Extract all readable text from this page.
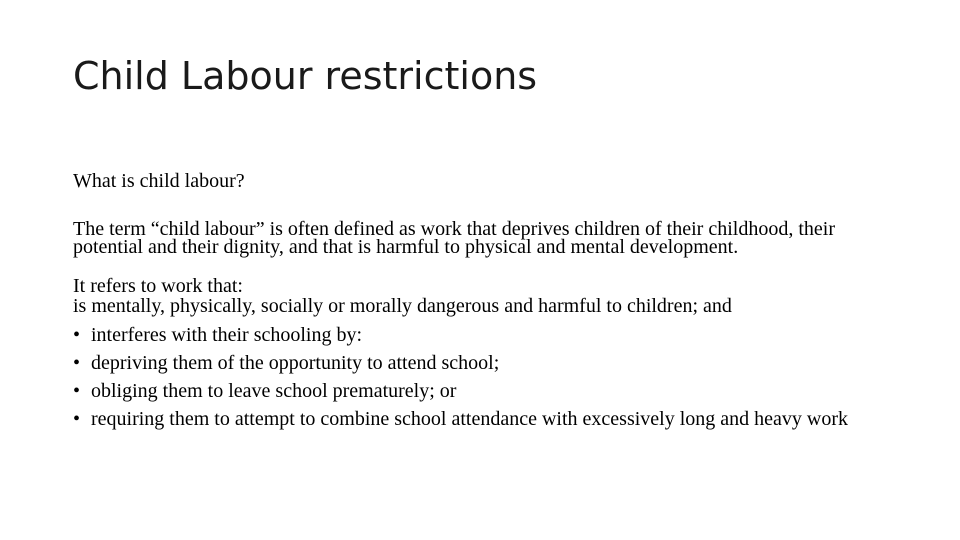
Child Labour restrictions

What is child labour?

The term “child labour” is often defined as work that deprives children of their childhood, their potential and their dignity, and that is harmful to physical and mental development.

It refers to work that:
is mentally, physically, socially or morally dangerous and harmful to children; and

• interferes with their schooling by:
• depriving them of the opportunity to attend school;
• obliging them to leave school prematurely; or
• requiring them to attempt to combine school attendance with excessively long and heavy work
